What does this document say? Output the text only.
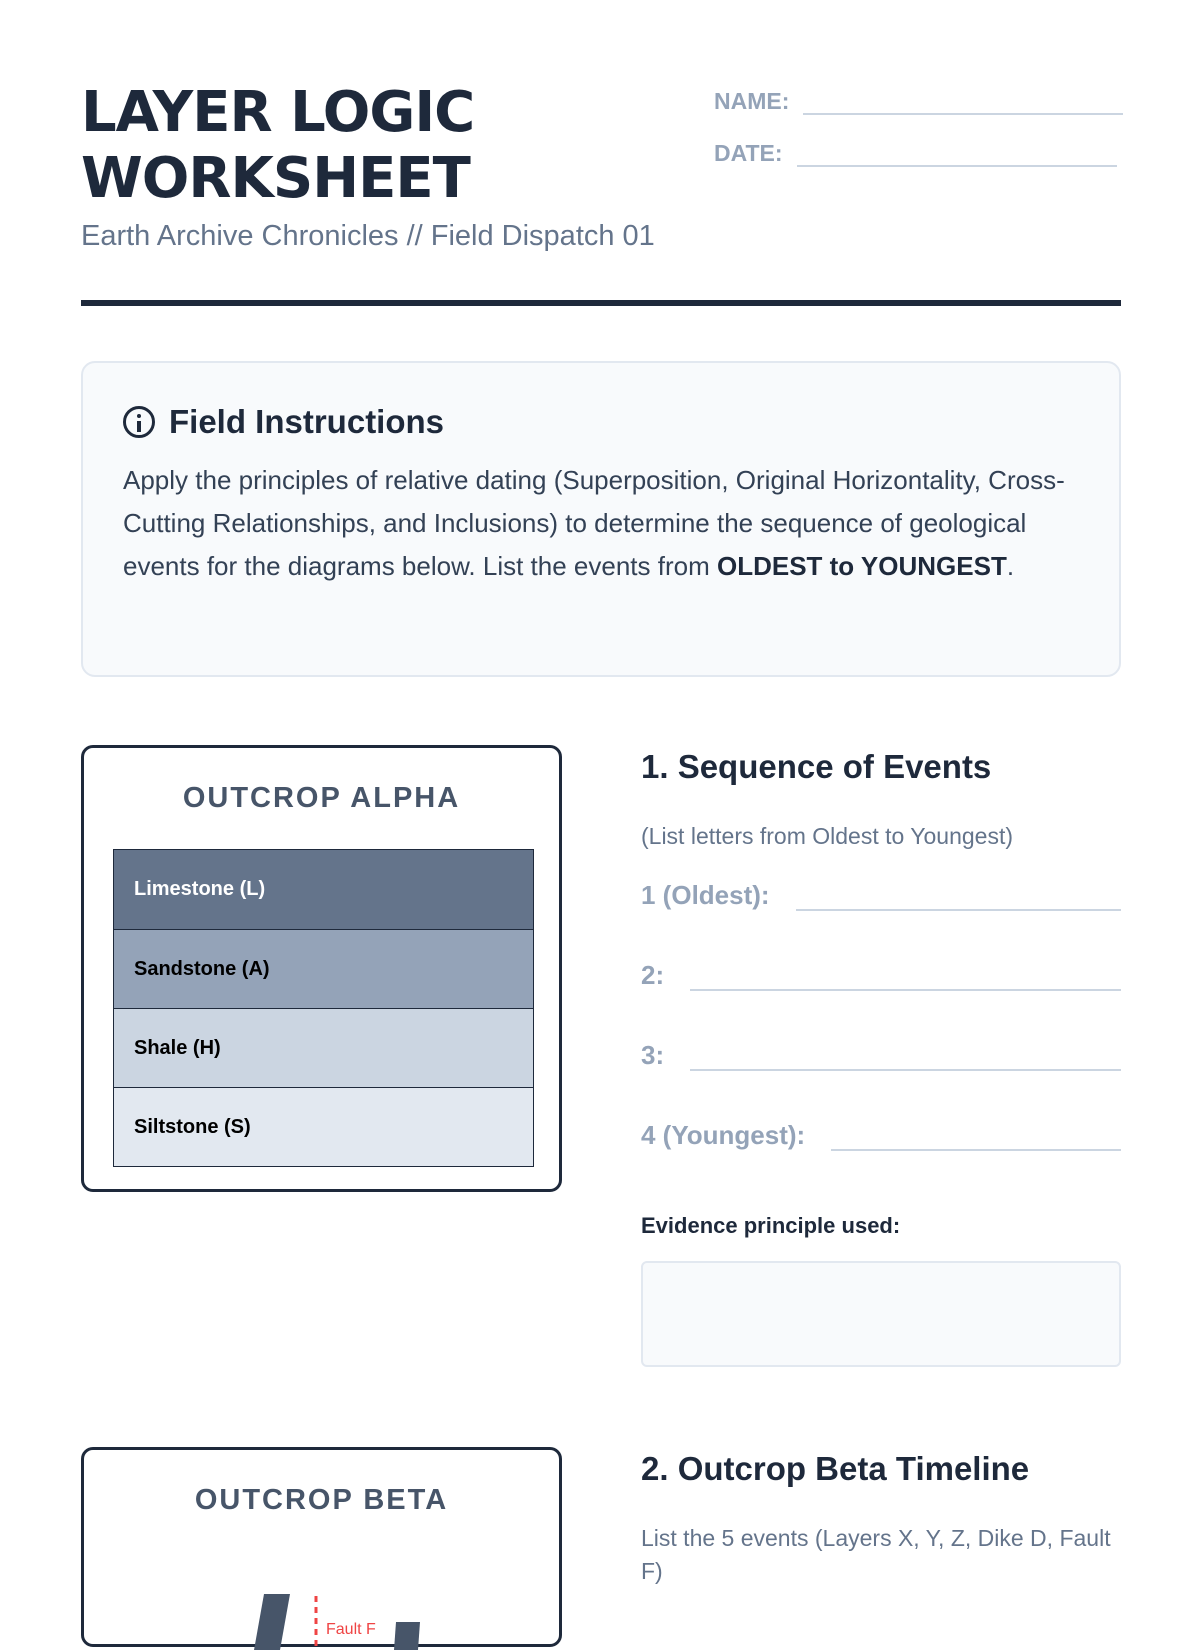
LAYER LOGIC
WORKSHEET
Earth Archive Chronicles // Field Dispatch 01
NAME:
DATE:
Field Instructions

Apply the principles of relative dating (Superposition, Original Horizontality, Cross-Cutting Relationships, and Inclusions) to determine the sequence of geological events for the diagrams below. List the events from OLDEST to YOUNGEST.

OUTCROP ALPHA
Limestone (L)
Sandstone (A)
Shale (H)
Siltstone (S)
1. Sequence of Events
(List letters from Oldest to Youngest)
1 (Oldest):
2:
3:
4 (Youngest):
Evidence principle used:
OUTCROP BETA
Fault F
2. Outcrop Beta Timeline
List the 5 events (Layers X, Y, Z, Dike D, Fault F)
